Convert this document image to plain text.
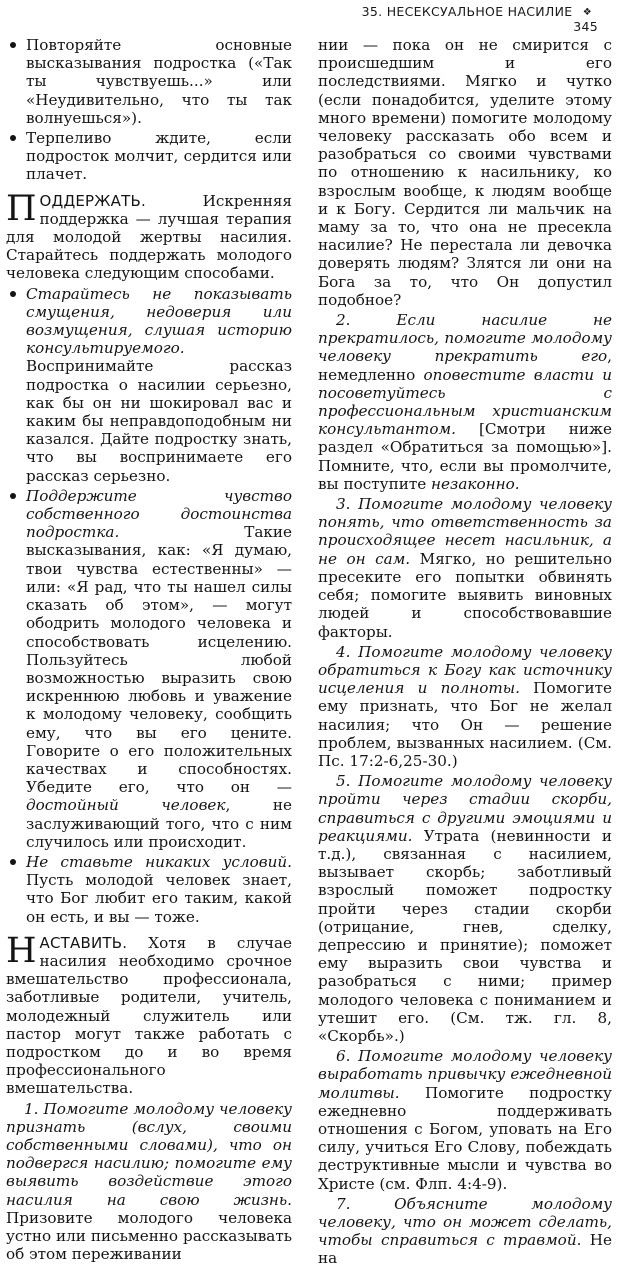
35. НЕСЕКСУАЛЬНОЕ НАСИЛИЕ ❖ 345
Повторяйте основные высказывания подростка («Так ты чувствуешь...» или «Неудивительно, что ты так волнуешься»).
Терпеливо ждите, если подросток молчит, сердится или плачет.

ПОДДЕРЖАТЬ. Искренняя поддержка — лучшая терапия для молодой жертвы насилия. Старайтесь поддержать молодого человека следующим способами.

Старайтесь не показывать смущения, недоверия или возмущения, слушая историю консультируемого. Воспринимайте рассказ подростка о насилии серьезно, как бы он ни шокировал вас и каким бы неправдоподобным ни казался. Дайте подростку знать, что вы воспринимаете его рассказ серьезно.
Поддержите чувство собственного достоинства подростка. Такие высказывания, как: «Я думаю, твои чувства естественны» — или: «Я рад, что ты нашел силы сказать об этом», — могут ободрить молодого человека и способствовать исцелению. Пользуйтесь любой возможностью выразить свою искреннюю любовь и уважение к молодому человеку, сообщить ему, что вы его цените. Говорите о его положительных качествах и способностях. Убедите его, что он — достойный человек, не заслуживающий того, что с ним случилось или происходит.
Не ставьте никаких условий. Пусть молодой человек знает, что Бог любит его таким, какой он есть, и вы — тоже.

НАСТАВИТЬ. Хотя в случае насилия необходимо срочное вмешательство профессионала, заботливые родители, учитель, молодежный служитель или пастор могут также работать с подростком до и во время профессионального вмешательства.

1. Помогите молодому человеку признать (вслух, своими собственными словами), что он подвергся насилию; помогите ему выявить воздействие этого насилия на свою жизнь. Призовите молодого человека устно или письменно рассказывать об этом переживании

нии — пока он не смирится с происшедшим и его последствиями. Мягко и чутко (если понадобится, уделите этому много времени) помогите молодому человеку рассказать обо всем и разобраться со своими чувствами по отношению к насильнику, ко взрослым вообще, к людям вообще и к Богу. Сердится ли мальчик на маму за то, что она не пресекла насилие? Не перестала ли девочка доверять людям? Злятся ли они на Бога за то, что Он допустил подобное?

2. Если насилие не прекратилось, помогите молодому человеку прекратить его, немедленно оповестите власти и посоветуйтесь с профессиональным христианским консультантом. [Смотри ниже раздел «Обратиться за помощью»]. Помните, что, если вы промолчите, вы поступите незаконно.

3. Помогите молодому человеку понять, что ответственность за происходящее несет насильник, а не он сам. Мягко, но решительно пресеките его попытки обвинять себя; помогите выявить виновных людей и способствовавшие факторы.

4. Помогите молодому человеку обратиться к Богу как источнику исцеления и полноты. Помогите ему признать, что Бог не желал насилия; что Он — решение проблем, вызванных насилием. (См. Пс. 17:2-6,25-30.)

5. Помогите молодому человеку пройти через стадии скорби, справиться с другими эмоциями и реакциями. Утрата (невинности и т.д.), связанная с насилием, вызывает скорбь; заботливый взрослый поможет подростку пройти через стадии скорби (отрицание, гнев, сделку, депрессию и принятие); поможет ему выразить свои чувства и разобраться с ними; пример молодого человека с пониманием и утешит его. (См. тж. гл. 8, «Скорбь».)

6. Помогите молодому человеку выработать привычку ежедневной молитвы. Помогите подростку ежедневно поддерживать отношения с Богом, уповать на Его силу, учиться Его Слову, побеждать деструктивные мысли и чувства во Христе (см. Флп. 4:4-9).

7. Объясните молодому человеку, что он может сделать, чтобы справиться с травмой. Не на
